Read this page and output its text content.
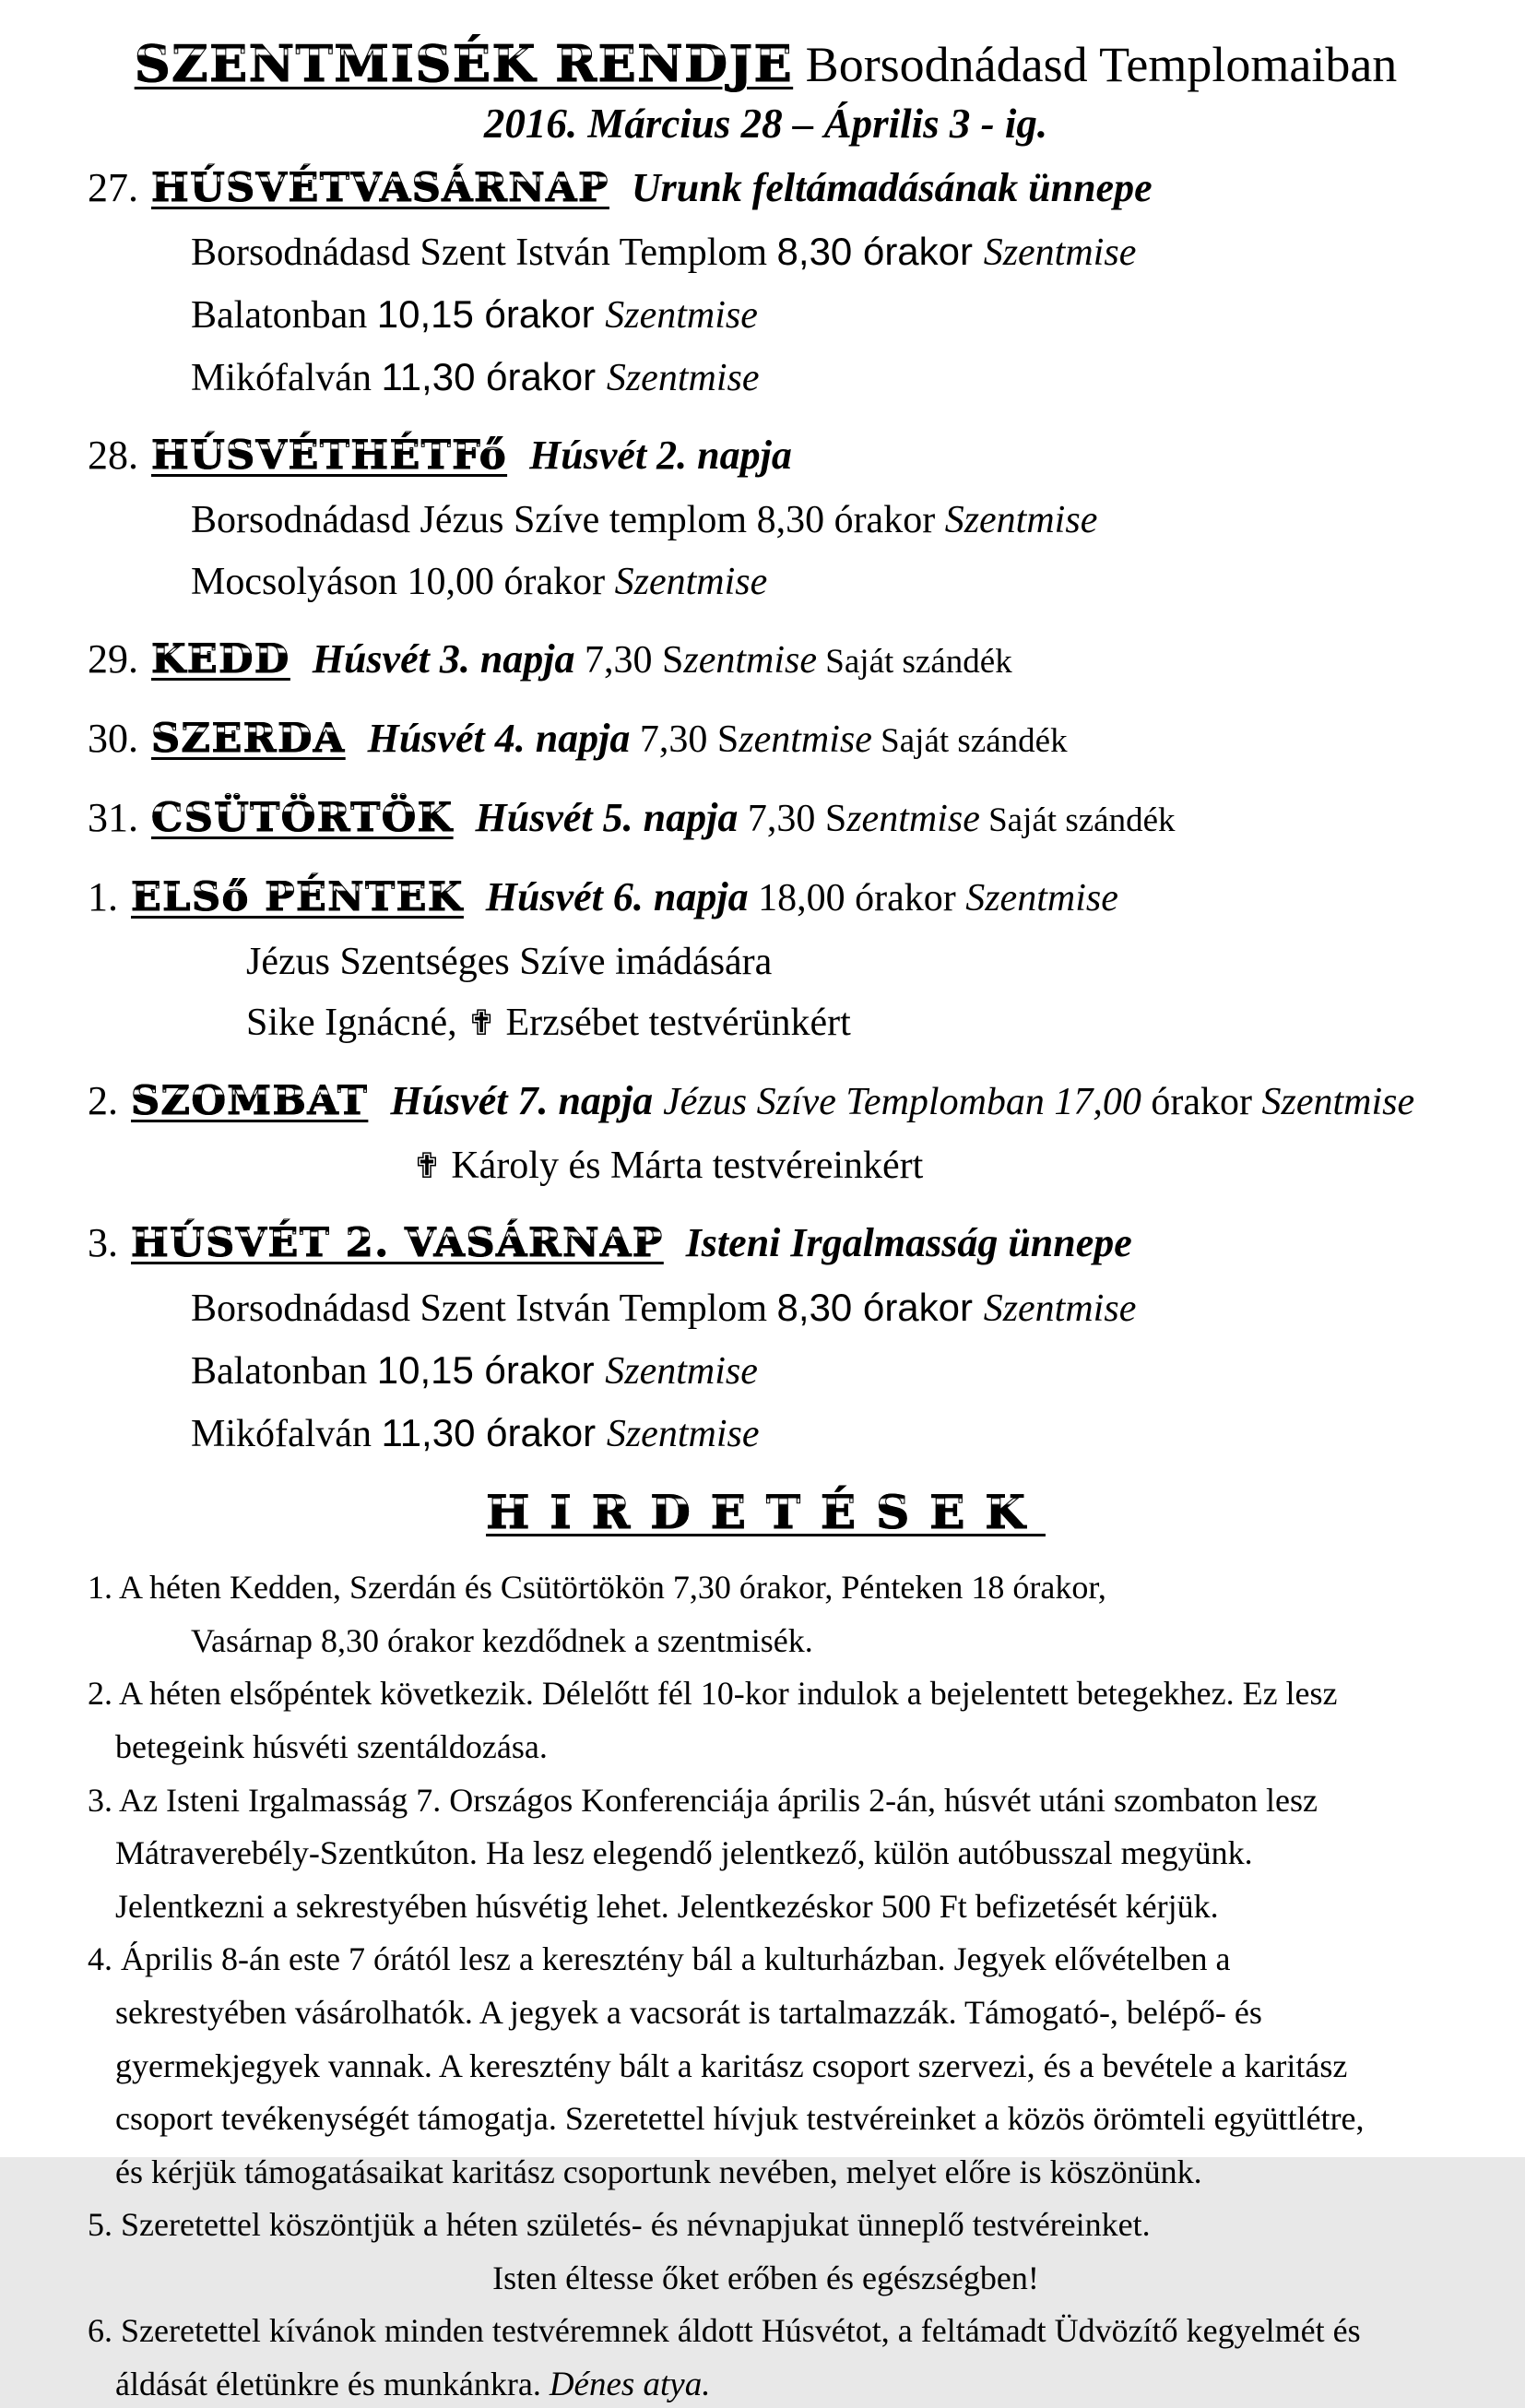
SZENTMISÉK RENDJE Borsodnádasd Templomaiban
2016. Március 28 – Április 3 - ig.
27. HÚSVÉTVASÁRNAP Urunk feltámadásának ünnepe
Borsodnádasd Szent István Templom 8,30 órakor Szentmise
Balatonban 10,15 órakor Szentmise
Mikófalván 11,30 órakor Szentmise
28. HÚSVÉTHÉTFő Húsvét 2. napja
Borsodnádasd Jézus Szíve templom 8,30 órakor Szentmise
Mocsolyáson 10,00 órakor Szentmise
29. KEDD Húsvét 3. napja 7,30 Szentmise Saját szándék
30. SZERDA Húsvét 4. napja 7,30 Szentmise Saját szándék
31. CSÜTÖRTÖK Húsvét 5. napja 7,30 Szentmise Saját szándék
1. ELSő PÉNTEK Húsvét 6. napja 18,00 órakor Szentmise
Jézus Szentséges Szíve imádására
Sike Ignácné, ✟ Erzsébet testvérünkért
2. SZOMBAT Húsvét 7. napja Jézus Szíve Templomban 17,00 órakor Szentmise
✟ Károly és Márta testvéreinkért
3. HÚSVÉT 2. VASÁRNAP Isteni Irgalmasság ünnepe
Borsodnádasd Szent István Templom 8,30 órakor Szentmise
Balatonban 10,15 órakor Szentmise
Mikófalván 11,30 órakor Szentmise
HIRDETÉSEK
1. A héten Kedden, Szerdán és Csütörtökön 7,30 órakor, Pénteken 18 órakor,
Vasárnap 8,30 órakor kezdődnek a szentmisék.
2. A héten elsőpéntek következik. Délelőtt fél 10-kor indulok a bejelentett betegekhez. Ez lesz
betegeink húsvéti szentáldozása.
3. Az Isteni Irgalmasság 7. Országos Konferenciája április 2-án, húsvét utáni szombaton lesz
Mátraverebély-Szentkúton. Ha lesz elegendő jelentkező, külön autóbusszal megyünk.
Jelentkezni a sekrestyében húsvétig lehet. Jelentkezéskor 500 Ft befizetését kérjük.
4. Április 8-án este 7 órától lesz a keresztény bál a kulturházban. Jegyek elővételben a
sekrestyében vásárolhatók. A jegyek a vacsorát is tartalmazzák. Támogató-, belépő- és
gyermekjegyek vannak. A keresztény bált a karitász csoport szervezi, és a bevétele a karitász
csoport tevékenységét támogatja. Szeretettel hívjuk testvéreinket a közös örömteli együttlétre,
és kérjük támogatásaikat karitász csoportunk nevében, melyet előre is köszönünk.
5. Szeretettel köszöntjük a héten születés- és névnapjukat ünneplő testvéreinket.
Isten éltesse őket erőben és egészségben!
6. Szeretettel kívánok minden testvéremnek áldott Húsvétot, a feltámadt Üdvözítő kegyelmét és
áldását életünkre és munkánkra. Dénes atya.
